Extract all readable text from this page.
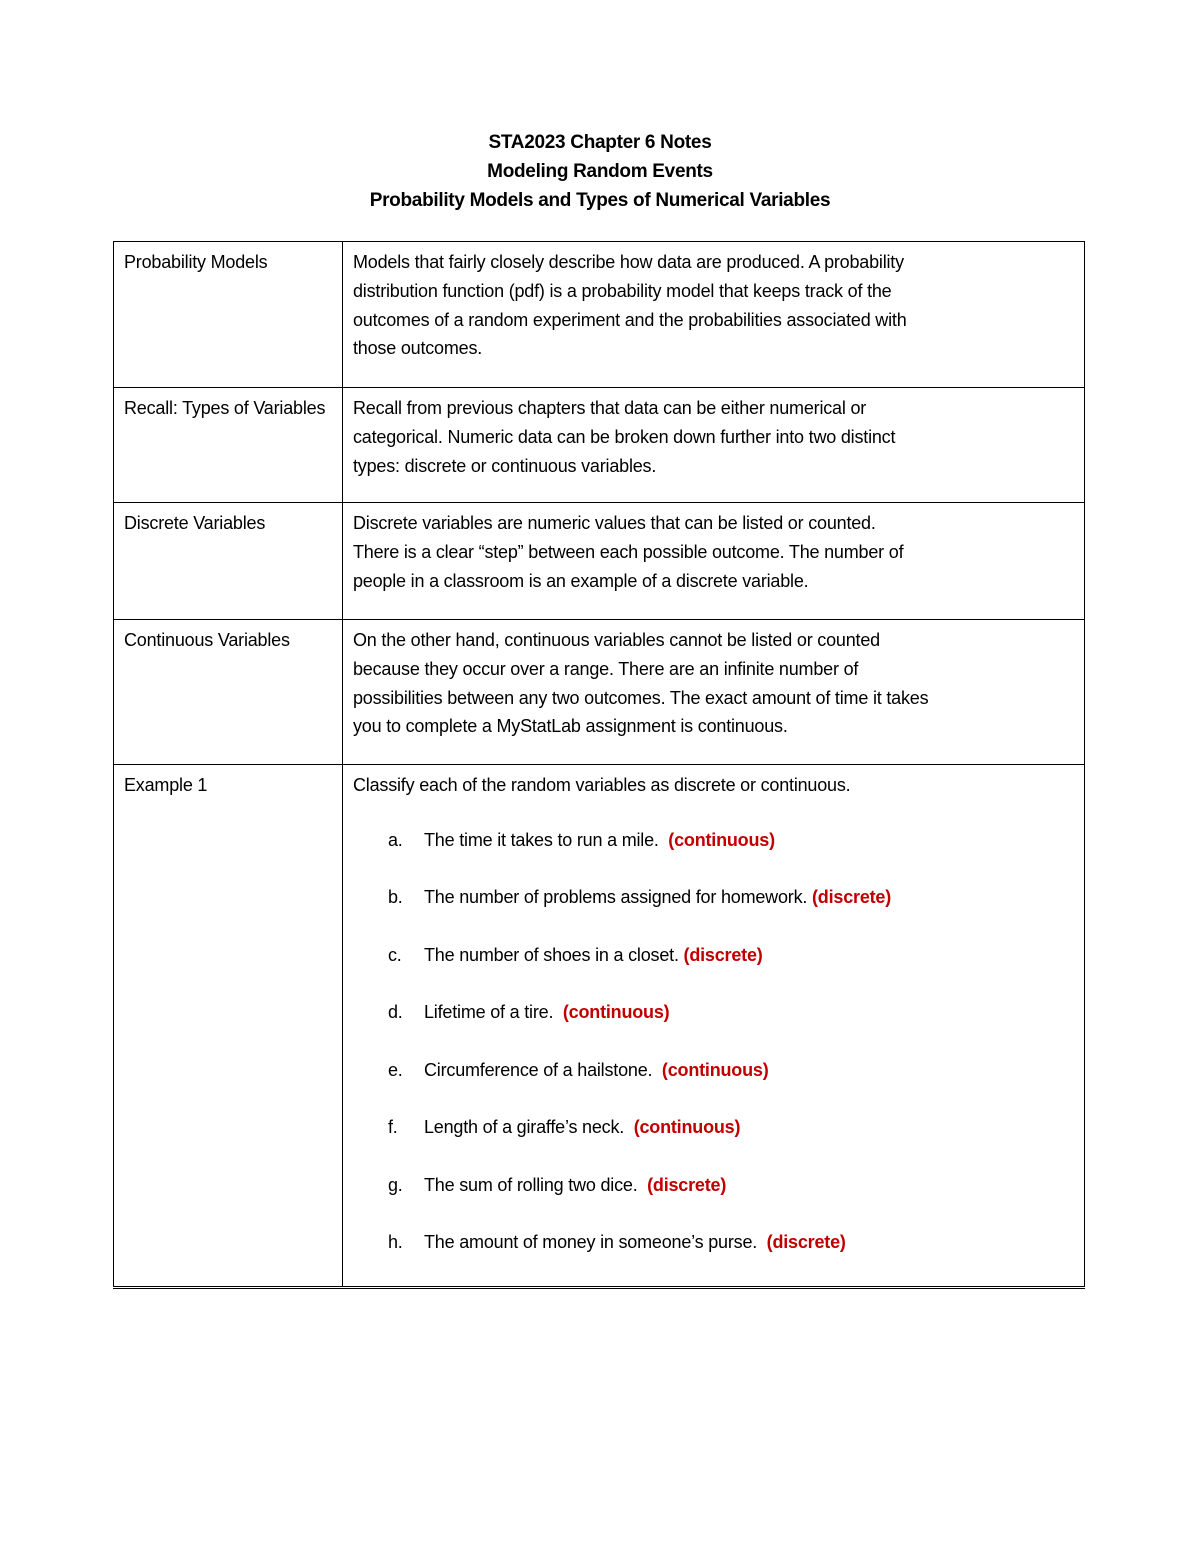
STA2023 Chapter 6 Notes
Modeling Random Events
Probability Models and Types of Numerical Variables
Probability Models	Models that fairly closely describe how data are produced. A probability
distribution function (pdf) is a probability model that keeps track of the
outcomes of a random experiment and the probabilities associated with
those outcomes.

Recall: Types of Variables	Recall from previous chapters that data can be either numerical or
categorical. Numeric data can be broken down further into two distinct
types: discrete or continuous variables.

Discrete Variables	Discrete variables are numeric values that can be listed or counted.
There is a clear “step” between each possible outcome. The number of
people in a classroom is an example of a discrete variable.

Continuous Variables	On the other hand, continuous variables cannot be listed or counted
because they occur over a range. There are an infinite number of
possibilities between any two outcomes. The exact amount of time it takes
you to complete a MyStatLab assignment is continuous.

Example 1	Classify each of the random variables as discrete or continuous.
a.	The time it takes to run a mile.  (continuous)
b.	The number of problems assigned for homework. (discrete)
c.	The number of shoes in a closet. (discrete)
d.	Lifetime of a tire.  (continuous)
e.	Circumference of a hailstone.  (continuous)
f.	Length of a giraffe’s neck.  (continuous)
g.	The sum of rolling two dice.  (discrete)
h.	The amount of money in someone’s purse.  (discrete)
